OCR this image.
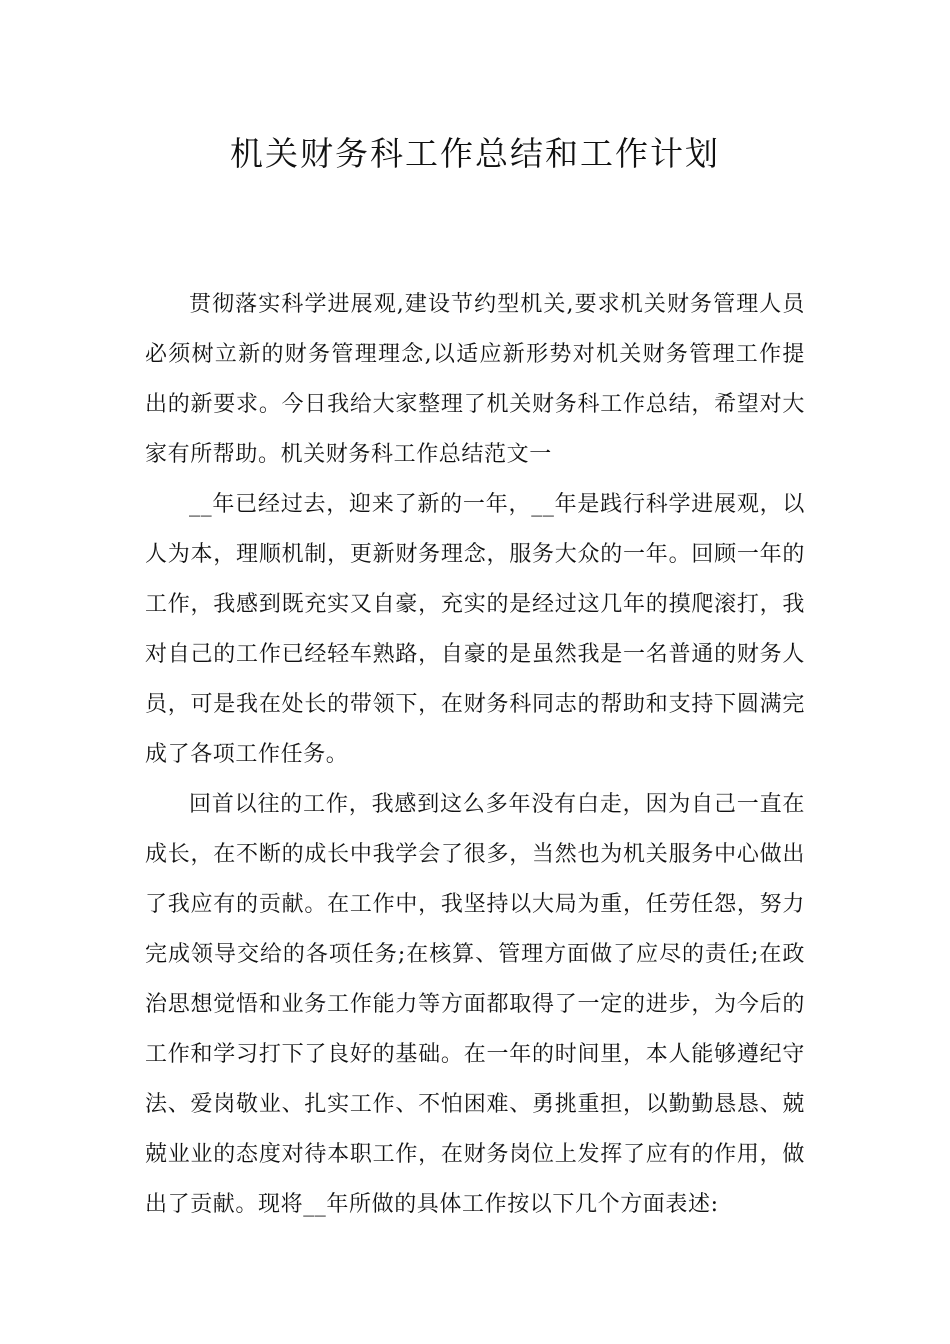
机关财务科工作总结和工作计划

贯彻落实科学进展观,建设节约型机关,要求机关财务管理人员必须树立新的财务管理理念,以适应新形势对机关财务管理工作提出的新要求。今日我给大家整理了机关财务科工作总结，希望对大家有所帮助。机关财务科工作总结范文一

__年已经过去，迎来了新的一年，__年是践行科学进展观，以人为本，理顺机制，更新财务理念，服务大众的一年。回顾一年的工作，我感到既充实又自豪，充实的是经过这几年的摸爬滚打，我对自己的工作已经轻车熟路，自豪的是虽然我是一名普通的财务人员，可是我在处长的带领下，在财务科同志的帮助和支持下圆满完成了各项工作任务。

回首以往的工作，我感到这么多年没有白走，因为自己一直在成长，在不断的成长中我学会了很多，当然也为机关服务中心做出了我应有的贡献。在工作中，我坚持以大局为重，任劳任怨，努力完成领导交给的各项任务;在核算、管理方面做了应尽的责任;在政治思想觉悟和业务工作能力等方面都取得了一定的进步，为今后的工作和学习打下了良好的基础。在一年的时间里，本人能够遵纪守法、爱岗敬业、扎实工作、不怕困难、勇挑重担，以勤勤恳恳、兢兢业业的态度对待本职工作，在财务岗位上发挥了应有的作用，做出了贡献。现将__年所做的具体工作按以下几个方面表述:
